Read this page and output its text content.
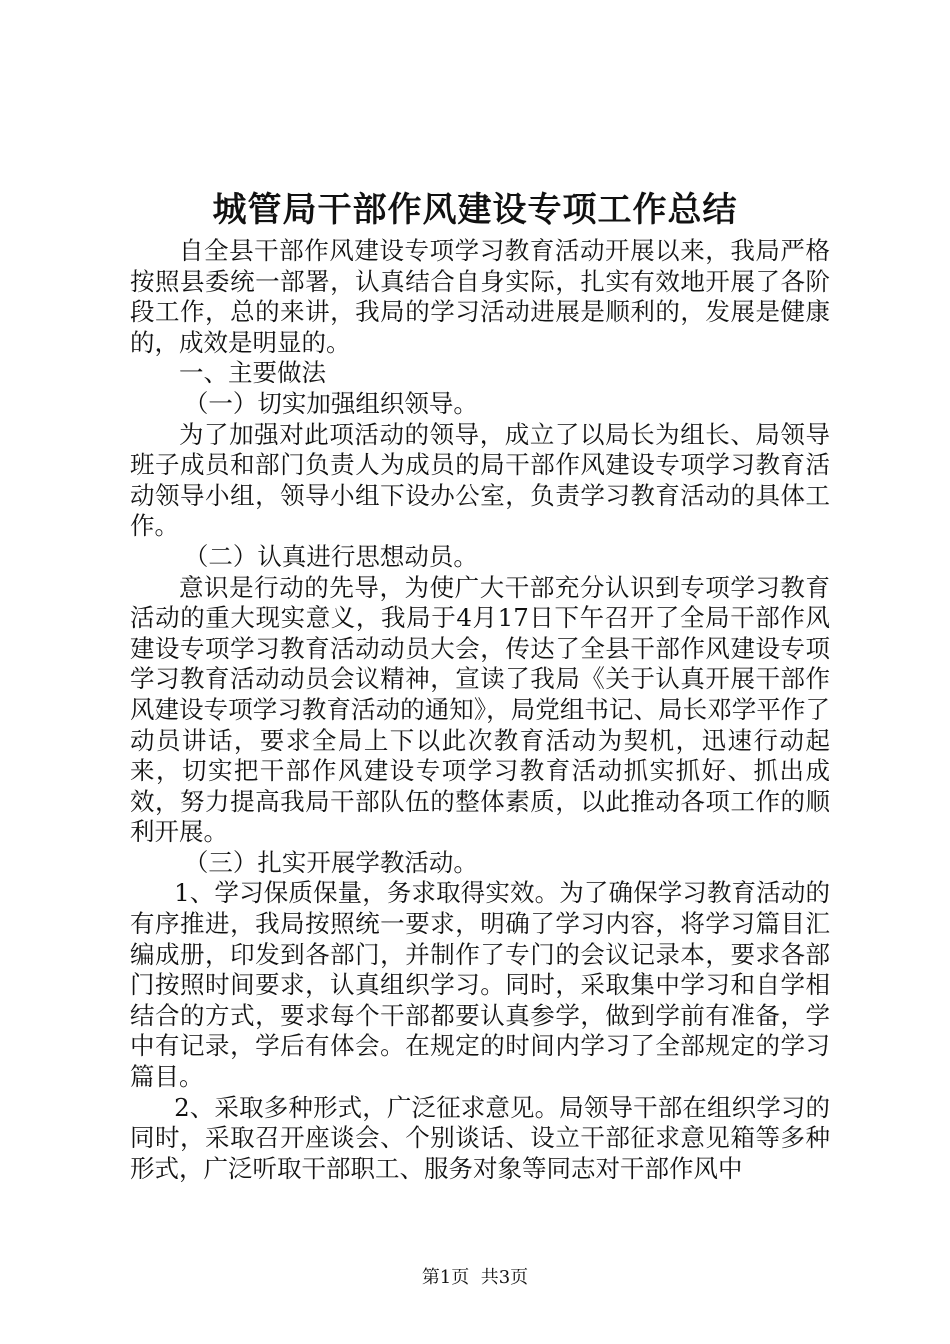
城管局干部作风建设专项工作总结

自全县干部作风建设专项学习教育活动开展以来，我局严格按照县委统一部署，认真结合自身实际，扎实有效地开展了各阶段工作，总的来讲，我局的学习活动进展是顺利的，发展是健康的，成效是明显的。

一、主要做法

（一）切实加强组织领导。

为了加强对此项活动的领导，成立了以局长为组长、局领导班子成员和部门负责人为成员的局干部作风建设专项学习教育活动领导小组，领导小组下设办公室，负责学习教育活动的具体工作。

（二）认真进行思想动员。

意识是行动的先导，为使广大干部充分认识到专项学习教育活动的重大现实意义，我局于4月17日下午召开了全局干部作风建设专项学习教育活动动员大会，传达了全县干部作风建设专项学习教育活动动员会议精神，宣读了我局《关于认真开展干部作风建设专项学习教育活动的通知》，局党组书记、局长邓学平作了动员讲话，要求全局上下以此次教育活动为契机，迅速行动起来，切实把干部作风建设专项学习教育活动抓实抓好、抓出成效，努力提高我局干部队伍的整体素质，以此推动各项工作的顺利开展。

（三）扎实开展学教活动。

1、学习保质保量，务求取得实效。为了确保学习教育活动的有序推进，我局按照统一要求，明确了学习内容，将学习篇目汇编成册，印发到各部门，并制作了专门的会议记录本，要求各部门按照时间要求，认真组织学习。同时，采取集中学习和自学相结合的方式，要求每个干部都要认真参学，做到学前有准备，学中有记录，学后有体会。在规定的时间内学习了全部规定的学习篇目。

2、采取多种形式，广泛征求意见。局领导干部在组织学习的同时，采取召开座谈会、个别谈话、设立干部征求意见箱等多种形式，广泛听取干部职工、服务对象等同志对干部作风中

第1页 共3页
